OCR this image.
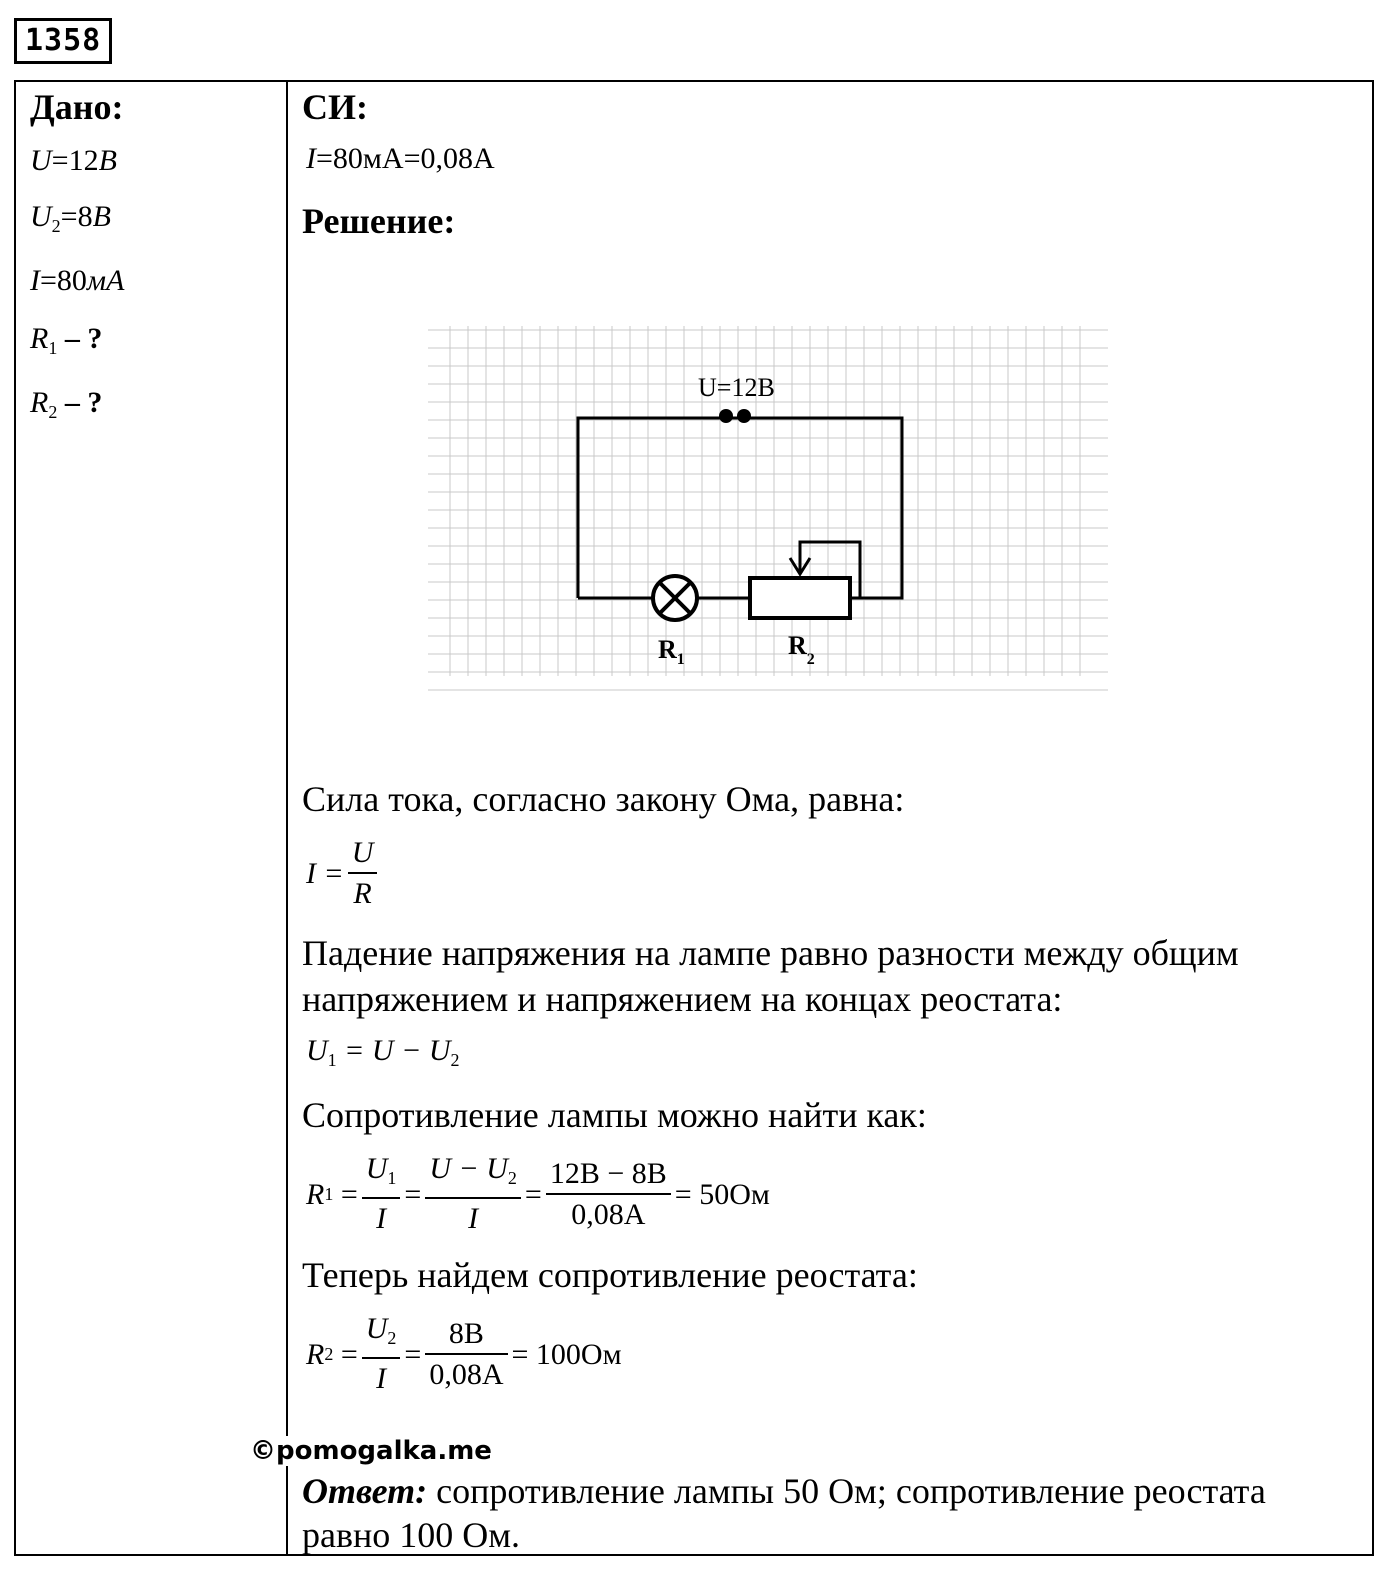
1358
Дано:
U=12В
$U_2=8В$
I=80мА
$R_1$ – ?
$R_2$ – ?
СИ:
I=80мА=0,08А
Решение:
Сила тока, согласно закону Ома, равна:
$I = \frac{U}{R}$
Падение напряжения на лампе равно разности между общим
напряжением и напряжением на концах реостата:
$U_1 = U - U_2$
Сопротивление лампы можно найти как:
R $1 = \frac{U_1}{I} = \frac{U - U_2}{I} = \frac{12В - 8В}{0,08А} = 50Ом$
Теперь найдем сопротивление реостата:
R $2 = \frac{U_2}{I} = \frac{8В}{0,08А} = 100Ом$
Ответ: сопротивление лампы 50 Ом; сопротивление реостата
равно 100 Ом.
U=12В
$R_1$	$R_2$
©pomogalka.me
